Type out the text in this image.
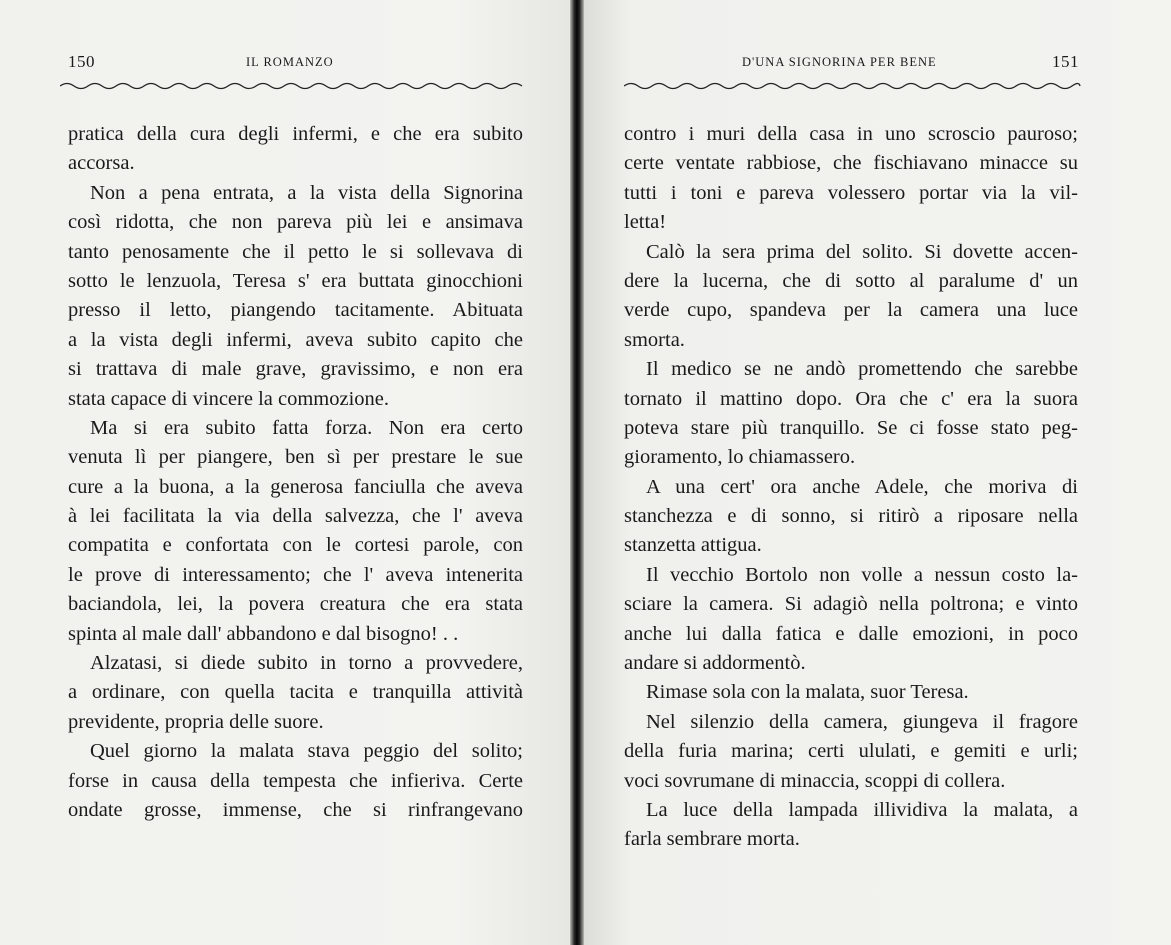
150	IL ROMANZO
pratica della cura degli infermi, e che era subito
accorsa.
Non a pena entrata, a la vista della Signorina
così ridotta, che non pareva più lei e ansimava
tanto penosamente che il petto le si sollevava di
sotto le lenzuola, Teresa s' era buttata ginocchioni
presso il letto, piangendo tacitamente. Abituata
a la vista degli infermi, aveva subito capito che
si trattava di male grave, gravissimo, e non era
stata capace di vincere la commozione.
Ma si era subito fatta forza. Non era certo
venuta lì per piangere, ben sì per prestare le sue
cure a la buona, a la generosa fanciulla che aveva
à lei facilitata la via della salvezza, che l' aveva
compatita e confortata con le cortesi parole, con
le prove di interessamento; che l' aveva intenerita
baciandola, lei, la povera creatura che era stata
spinta al male dall' abbandono e dal bisogno! . .
Alzatasi, si diede subito in torno a provvedere,
a ordinare, con quella tacita e tranquilla attività
previdente, propria delle suore.
Quel giorno la malata stava peggio del solito;
forse in causa della tempesta che infieriva. Certe
ondate grosse, immense, che si rinfrangevano
D'UNA SIGNORINA PER BENE	151
contro i muri della casa in uno scroscio pauroso;
certe ventate rabbiose, che fischiavano minacce su
tutti i toni e pareva volessero portar via la vil-
letta!
Calò la sera prima del solito. Si dovette accen-
dere la lucerna, che di sotto al paralume d' un
verde cupo, spandeva per la camera una luce
smorta.
Il medico se ne andò promettendo che sarebbe
tornato il mattino dopo. Ora che c' era la suora
poteva stare più tranquillo. Se ci fosse stato peg-
gioramento, lo chiamassero.
A una cert' ora anche Adele, che moriva di
stanchezza e di sonno, si ritirò a riposare nella
stanzetta attigua.
Il vecchio Bortolo non volle a nessun costo la-
sciare la camera. Si adagiò nella poltrona; e vinto
anche lui dalla fatica e dalle emozioni, in poco
andare si addormentò.
Rimase sola con la malata, suor Teresa.
Nel silenzio della camera, giungeva il fragore
della furia marina; certi ululati, e gemiti e urli;
voci sovrumane di minaccia, scoppi di collera.
La luce della lampada illividiva la malata, a
farla sembrare morta.
